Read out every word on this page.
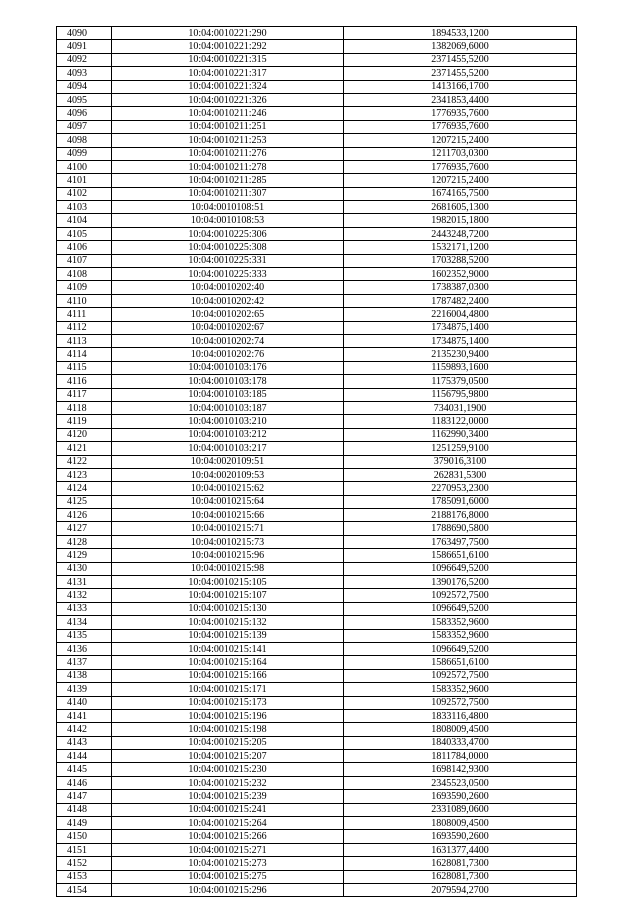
4090	10:04:0010221:290	1894533,1200
4091	10:04:0010221:292	1382069,6000
4092	10:04:0010221:315	2371455,5200
4093	10:04:0010221:317	2371455,5200
4094	10:04:0010221:324	1413166,1700
4095	10:04:0010221:326	2341853,4400
4096	10:04:0010211:246	1776935,7600
4097	10:04:0010211:251	1776935,7600
4098	10:04:0010211:253	1207215,2400
4099	10:04:0010211:276	1211703,0300
4100	10:04:0010211:278	1776935,7600
4101	10:04:0010211:285	1207215,2400
4102	10:04:0010211:307	1674165,7500
4103	10:04:0010108:51	2681605,1300
4104	10:04:0010108:53	1982015,1800
4105	10:04:0010225:306	2443248,7200
4106	10:04:0010225:308	1532171,1200
4107	10:04:0010225:331	1703288,5200
4108	10:04:0010225:333	1602352,9000
4109	10:04:0010202:40	1738387,0300
4110	10:04:0010202:42	1787482,2400
4111	10:04:0010202:65	2216004,4800
4112	10:04:0010202:67	1734875,1400
4113	10:04:0010202:74	1734875,1400
4114	10:04:0010202:76	2135230,9400
4115	10:04:0010103:176	1159893,1600
4116	10:04:0010103:178	1175379,0500
4117	10:04:0010103:185	1156795,9800
4118	10:04:0010103:187	734031,1900
4119	10:04:0010103:210	1183122,0000
4120	10:04:0010103:212	1162990,3400
4121	10:04:0010103:217	1251259,9100
4122	10:04:0020109:51	379016,3100
4123	10:04:0020109:53	262831,5300
4124	10:04:0010215:62	2270953,2300
4125	10:04:0010215:64	1785091,6000
4126	10:04:0010215:66	2188176,8000
4127	10:04:0010215:71	1788690,5800
4128	10:04:0010215:73	1763497,7500
4129	10:04:0010215:96	1586651,6100
4130	10:04:0010215:98	1096649,5200
4131	10:04:0010215:105	1390176,5200
4132	10:04:0010215:107	1092572,7500
4133	10:04:0010215:130	1096649,5200
4134	10:04:0010215:132	1583352,9600
4135	10:04:0010215:139	1583352,9600
4136	10:04:0010215:141	1096649,5200
4137	10:04:0010215:164	1586651,6100
4138	10:04:0010215:166	1092572,7500
4139	10:04:0010215:171	1583352,9600
4140	10:04:0010215:173	1092572,7500
4141	10:04:0010215:196	1833116,4800
4142	10:04:0010215:198	1808009,4500
4143	10:04:0010215:205	1840333,4700
4144	10:04:0010215:207	1811784,0000
4145	10:04:0010215:230	1698142,9300
4146	10:04:0010215:232	2345523,0500
4147	10:04:0010215:239	1693590,2600
4148	10:04:0010215:241	2331089,0600
4149	10:04:0010215:264	1808009,4500
4150	10:04:0010215:266	1693590,2600
4151	10:04:0010215:271	1631377,4400
4152	10:04:0010215:273	1628081,7300
4153	10:04:0010215:275	1628081,7300
4154	10:04:0010215:296	2079594,2700
